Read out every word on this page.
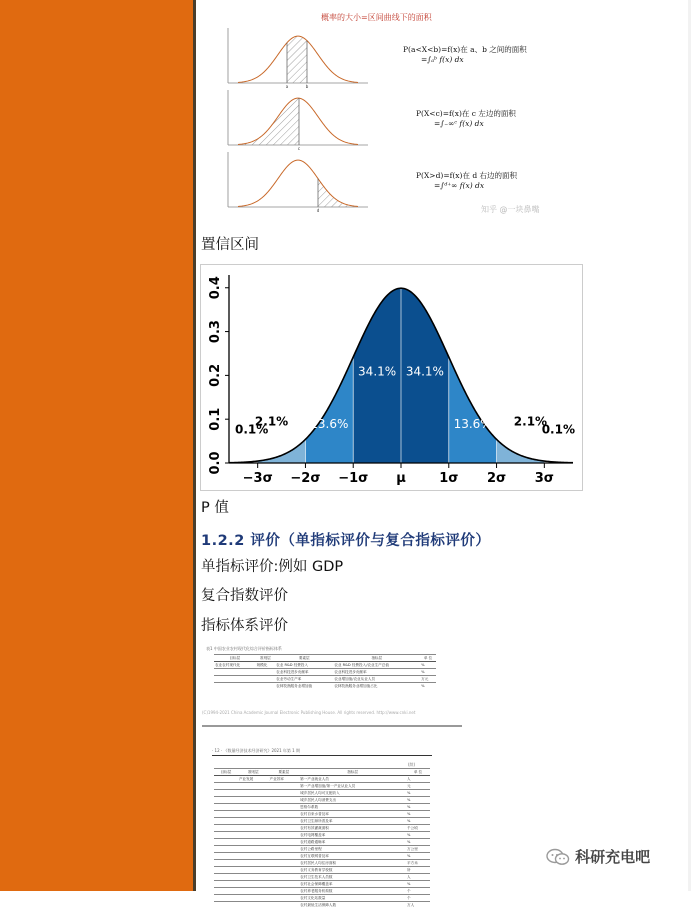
概率的大小=区间曲线下的面积
a	b
c
d
P(a<X<b)=f(x)在 a、b 之间的面积
=∫ₐᵇ f(x) dx
P(X<c)=f(x)在 c 左边的面积
=∫₋∞ᶜ f(x) dx
P(X>d)=f(x)在 d 右边的面积
=∫ᵈ⁺∞ f(x) dx
知乎 @一块鼻嘴
置信区间
0.0
0.1
0.2
0.3
0.4
−3σ −2σ −1σ μ	1σ 2σ 3σ
2.1% 13.6%
34.1% 34.1%
13.6% 2.1%
0.1%	0.1%
P 值
1.2.2 评价（单指标评价与复合指标评价）
单指标评价:例如 GDP
复合指数评价
指标体系评价
表1 中国农业农村现代化综合评价指标体系
目标层	准则层	要素层	指标层	单 位
农业农村现代化	规模化	农业 R&D 经费投入	农业 R&D 经费投入/农业生产总值	%
		农业科技进步贡献率	农业科技进步贡献率	%
		农业劳动生产率	农业增加值/农业从业人员	万元
		农林牧渔服务业增加值	农林牧渔服务业增加值占比	%
(C)1994-2021 China Academic Journal Electronic Publishing House. All rights reserved. http://www.cnki.net
· 12 · 《数量经济技术经济研究》2021 年第 1 期
(续)
目标层	准则层	要素层	指标层	单 位
	产业发展	产业效率	第一产业就业人员	人
			第一产业增加值/第一产业从业人员	元
			城乡居民人均可支配收入	%
			城乡居民人均消费支出	%
			恩格尔系数	%
			农村自来水普及率	%
			农村卫生厕所普及率	%
			农村有效灌溉面积	千公顷
			农村电网覆盖率	%
			农村道路通畅率	%
			农村公路里程	万公里
			农村互联网普及率	%
			农村居民人均住房面积	平方米
			农村义务教育学校数	所
			农村卫生技术人员数	人
			农村社会保障覆盖率	%
			农村养老服务机构数	个
			农村文化站数量	个
			农村最低生活保障人数	万人
科研充电吧
